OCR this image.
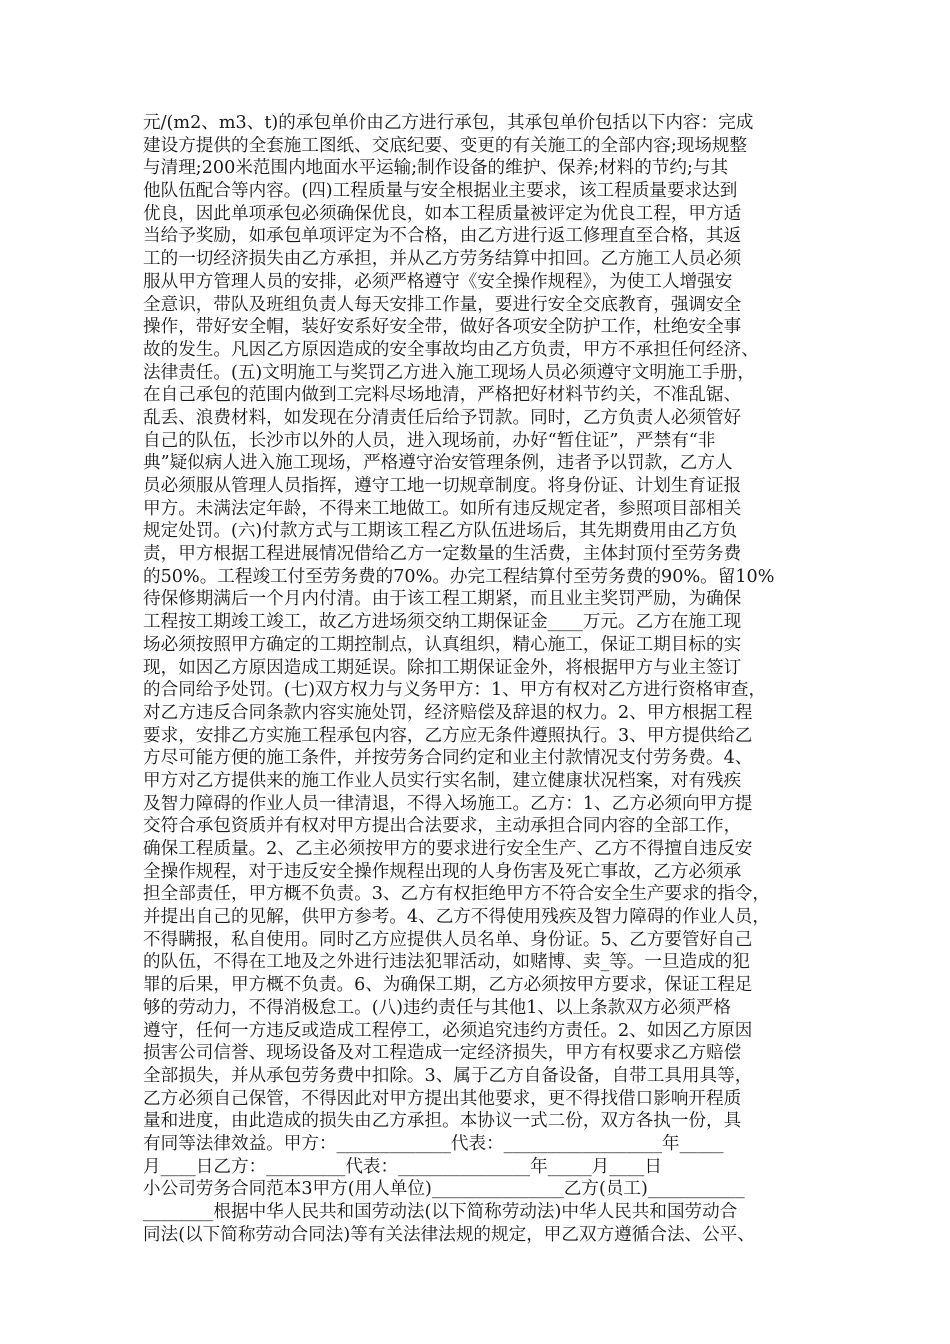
元/(m2、m3、t)的承包单价由乙方进行承包，其承包单价包括以下内容：完成
建设方提供的全套施工图纸、交底纪要、变更的有关施工的全部内容;现场规整
与清理;200米范围内地面水平运输;制作设备的维护、保养;材料的节约;与其
他队伍配合等内容。(四)工程质量与安全根据业主要求，该工程质量要求达到
优良，因此单项承包必须确保优良，如本工程质量被评定为优良工程，甲方适
当给予奖励，如承包单项评定为不合格，由乙方进行返工修理直至合格，其返
工的一切经济损失由乙方承担，并从乙方劳务结算中扣回。乙方施工人员必须
服从甲方管理人员的安排，必须严格遵守《安全操作规程》，为使工人增强安
全意识，带队及班组负责人每天安排工作量，要进行安全交底教育，强调安全
操作，带好安全帽，装好安系好安全带，做好各项安全防护工作，杜绝安全事
故的发生。凡因乙方原因造成的安全事故均由乙方负责，甲方不承担任何经济、
法律责任。(五)文明施工与奖罚乙方进入施工现场人员必须遵守文明施工手册，
在自己承包的范围内做到工完料尽场地清，严格把好材料节约关，不准乱锯、
乱丢、浪费材料，如发现在分清责任后给予罚款。同时，乙方负责人必须管好
自己的队伍，长沙市以外的人员，进入现场前，办好“暂住证”，严禁有“非
典”疑似病人进入施工现场，严格遵守治安管理条例，违者予以罚款，乙方人
员必须服从管理人员指挥，遵守工地一切规章制度。将身份证、计划生育证报
甲方。未满法定年龄，不得来工地做工。如所有违反规定者，参照项目部相关
规定处罚。(六)付款方式与工期该工程乙方队伍进场后，其先期费用由乙方负
责，甲方根据工程进展情况借给乙方一定数量的生活费，主体封顶付至劳务费
的50%。工程竣工付至劳务费的70%。办完工程结算付至劳务费的90%。留10%
待保修期满后一个月内付清。由于该工程工期紧，而且业主奖罚严励，为确保
工程按工期竣工竣工，故乙方进场须交纳工期保证金____万元。乙方在施工现
场必须按照甲方确定的工期控制点，认真组织，精心施工，保证工期目标的实
现，如因乙方原因造成工期延误。除扣工期保证金外，将根据甲方与业主签订
的合同给予处罚。(七)双方权力与义务甲方：1、甲方有权对乙方进行资格审查，
对乙方违反合同条款内容实施处罚，经济赔偿及辞退的权力。2、甲方根据工程
要求，安排乙方实施工程承包内容，乙方应无条件遵照执行。3、甲方提供给乙
方尽可能方便的施工条件，并按劳务合同约定和业主付款情况支付劳务费。4、
甲方对乙方提供来的施工作业人员实行实名制，建立健康状况档案，对有残疾
及智力障碍的作业人员一律清退，不得入场施工。乙方：1、乙方必须向甲方提
交符合承包资质并有权对甲方提出合法要求，主动承担合同内容的全部工作，
确保工程质量。2、乙主必须按甲方的要求进行安全生产、乙方不得擅自违反安
全操作规程，对于违反安全操作规程出现的人身伤害及死亡事故，乙方必须承
担全部责任，甲方概不负责。3、乙方有权拒绝甲方不符合安全生产要求的指令，
并提出自己的见解，供甲方参考。4、乙方不得使用残疾及智力障碍的作业人员，
不得瞒报，私自使用。同时乙方应提供人员名单、身份证。5、乙方要管好自己
的队伍，不得在工地及之外进行违法犯罪活动，如赌博、卖_等。一旦造成的犯
罪的后果，甲方概不负责。6、为确保工期，乙方必须按甲方要求，保证工程足
够的劳动力，不得消极怠工。(八)违约责任与其他1、以上条款双方必须严格
遵守，任何一方违反或造成工程停工，必须追究违约方责任。2、如因乙方原因
损害公司信誉、现场设备及对工程造成一定经济损失，甲方有权要求乙方赔偿
全部损失，并从承包劳务费中扣除。3、属于乙方自备设备，自带工具用具等，
乙方必须自己保管，不得因此对甲方提出其他要求，更不得找借口影响开程质
量和进度，由此造成的损失由乙方承担。本协议一式二份，双方各执一份，具
有同等法律效益。甲方：_____________代表：__________________年_____
月____日乙方：_________代表：_______________年_____月____日
小公司劳务合同范本3甲方(用人单位)_______________乙方(员工)___________
________根据中华人民共和国劳动法(以下简称劳动法)中华人民共和国劳动合
同法(以下简称劳动合同法)等有关法律法规的规定，甲乙双方遵循合法、公平、
